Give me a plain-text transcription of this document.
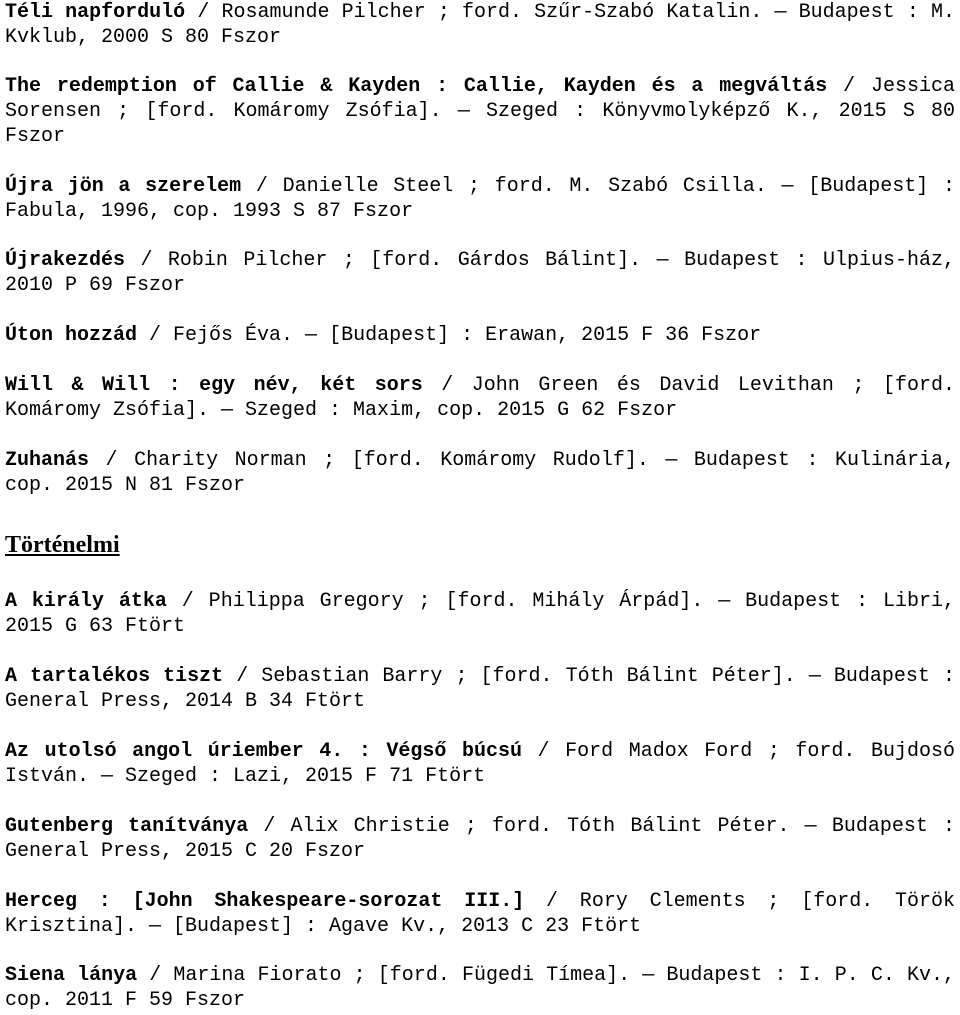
Téli napforduló / Rosamunde Pilcher ; ford. Szűr-Szabó Katalin. — Budapest : M. Kvklub, 2000 S 80 Fszor
The redemption of Callie & Kayden : Callie, Kayden és a megváltás / Jessica Sorensen ; [ford. Komáromy Zsófia]. — Szeged : Könyvmolyképző K., 2015 S 80 Fszor
Újra jön a szerelem / Danielle Steel ; ford. M. Szabó Csilla. — [Budapest] : Fabula, 1996, cop. 1993 S 87 Fszor
Újrakezdés / Robin Pilcher ; [ford. Gárdos Bálint]. — Budapest : Ulpius-ház, 2010 P 69 Fszor
Úton hozzád / Fejős Éva. — [Budapest] : Erawan, 2015 F 36 Fszor
Will & Will : egy név, két sors / John Green és David Levithan ; [ford. Komáromy Zsófia]. — Szeged : Maxim, cop. 2015 G 62 Fszor
Zuhanás / Charity Norman ; [ford. Komáromy Rudolf]. — Budapest : Kulinária, cop. 2015 N 81 Fszor
Történelmi
A király átka / Philippa Gregory ; [ford. Mihály Árpád]. — Budapest : Libri, 2015 G 63 Ftört
A tartalékos tiszt / Sebastian Barry ; [ford. Tóth Bálint Péter]. — Budapest : General Press, 2014 B 34 Ftört
Az utolsó angol úriember 4. : Végső búcsú / Ford Madox Ford ; ford. Bujdosó István. — Szeged : Lazi, 2015 F 71 Ftört
Gutenberg tanítványa / Alix Christie ; ford. Tóth Bálint Péter. — Budapest : General Press, 2015 C 20 Fszor
Herceg : [John Shakespeare-sorozat III.] / Rory Clements ; [ford. Török Krisztina]. — [Budapest] : Agave Kv., 2013 C 23 Ftört
Siena lánya / Marina Fiorato ; [ford. Fügedi Tímea]. — Budapest : I. P. C. Kv., cop. 2011 F 59 Fszor
